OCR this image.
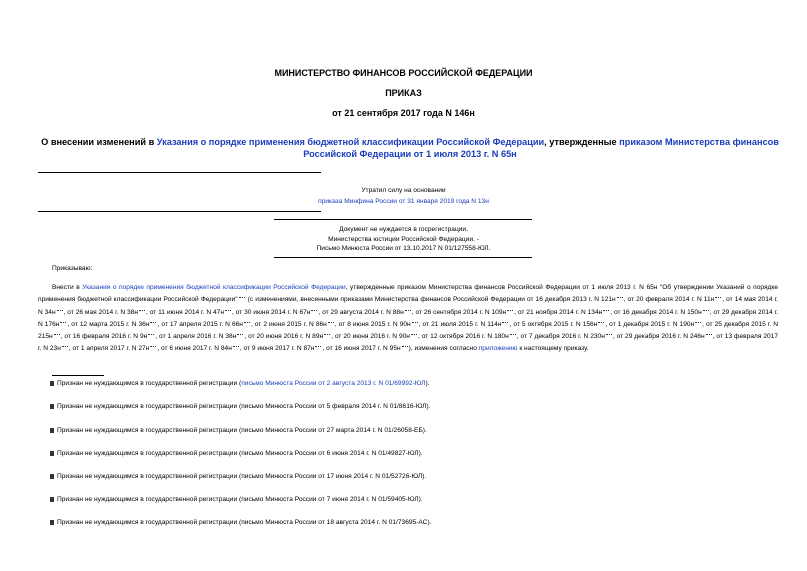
МИНИСТЕРСТВО ФИНАНСОВ РОССИЙСКОЙ ФЕДЕРАЦИИ
ПРИКАЗ
от 21 сентября 2017 года N 146н
О внесении изменений в Указания о порядке применения бюджетной классификации Российской Федерации, утвержденные приказом Министерства финансов Российской Федерации от 1 июля 2013 г. N 65н
Утратил силу на основании
приказа Минфина России от 31 января 2019 года N 13н
Документ не нуждается в госрегистрации.
Министерства юстиции Российской Федерации. -
Письмо Минюста России от 13.10.2017 N 01/127558-ЮЛ.
Приказываю:
Внести в Указания о порядке применения бюджетной классификации Российской Федерации, утвержденные приказом Министерства финансов Российской Федерации от 1 июля 2013 г. N 65н "Об утверждении Указаний о порядке применения бюджетной классификации Российской Федерации" (с изменениями, внесенными приказами Министерства финансов Российской Федерации от 16 декабря 2013 г. N 121н , от 20 февраля 2014 г. N 11н , от 14 мая 2014 г. N 34н , от 26 мая 2014 г. N 38н , от 11 июня 2014 г. N 47н , от 30 июня 2014 г. N 67н , от 29 августа 2014 г. N 88н , от 26 сентября 2014 г. N 109н , от 21 ноября 2014 г. N 134н , от 16 декабря 2014 г. N 150н , от 29 декабря 2014 г. N 176н , от 12 марта 2015 г. N 36н , от 17 апреля 2015 г. N 66н , от 2 июня 2015 г. N 86н , от 8 июня 2015 г. N 90н , от 21 июля 2015 г. N 114н , от 5 октября 2015 г. N 156н , от 1 декабря 2015 г. N 190н , от 25 декабря 2015 г. N 215н , от 16 февраля 2016 г. N 9н , от 1 апреля 2016 г. N 38н , от 20 июня 2016 г. N 89н , от 20 июня 2016 г. N 90н , от 12 октября 2016 г. N 180н , от 7 декабря 2016 г. N 230н , от 29 декабря 2016 г. N 246н , от 13 февраля 2017 г. N 23н , от 1 апреля 2017 г. N 27н , от 6 июня 2017 г. N 84н , от 9 июня 2017 г. N 87н , от 16 июня 2017 г. N 95н ), изменения согласно приложению к настоящему приказу.
Признан не нуждающимся в государственной регистрации (письмо Минюста России от 2 августа 2013 г. N 01/69992-ЮЛ).
Признан не нуждающимся в государственной регистрации (письмо Минюста России от 5 февраля 2014 г. N 01/8616-ЮЛ).
Признан не нуждающимся в государственной регистрации (письмо Минюста России от 27 марта 2014 г. N 01/26058-ЕБ).
Признан не нуждающимся в государственной регистрации (письмо Минюста России от 6 июня 2014 г. N 01/49827-ЮЛ).
Признан не нуждающимся в государственной регистрации (письмо Минюста России от 17 июня 2014 г. N 01/52726-ЮЛ).
Признан не нуждающимся в государственной регистрации (письмо Минюста России от 7 июня 2014 г. N 01/59405-ЮЛ).
Признан не нуждающимся в государственной регистрации (письмо Минюста России от 18 августа 2014 г. N 01/73695-АС).
